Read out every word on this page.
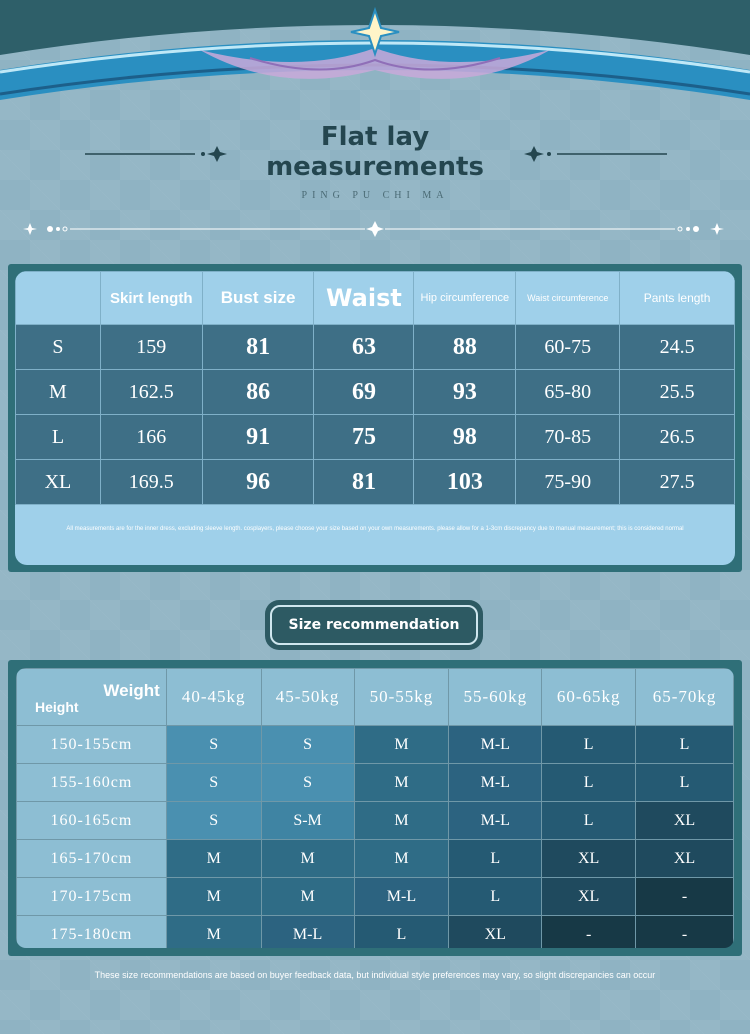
Flat lay
measurements
PING PU CHI MA
	Skirt length	Bust size	Waist	Hip circumference	Waist circumference	Pants length
S	159	81	63	88	60-75	24.5
M	162.5	86	69	93	65-80	25.5
L	166	91	75	98	70-85	26.5
XL	169.5	96	81	103	75-90	27.5
All measurements are for the inner dress, excluding sleeve length. cosplayers, please choose your size based on your own measurements. please allow for a 1-3cm discrepancy due to manual measurement; this is considered normal
Size recommendation
Weight
Height	40-45kg	45-50kg	50-55kg	55-60kg	60-65kg	65-70kg
150-155cm	S	S	M	M-L	L	L
155-160cm	S	S	M	M-L	L	L
160-165cm	S	S-M	M	M-L	L	XL
165-170cm	M	M	M	L	XL	XL
170-175cm	M	M	M-L	L	XL	-
175-180cm	M	M-L	L	XL	-	-
These size recommendations are based on buyer feedback data, but individual style preferences may vary, so slight discrepancies can occur
